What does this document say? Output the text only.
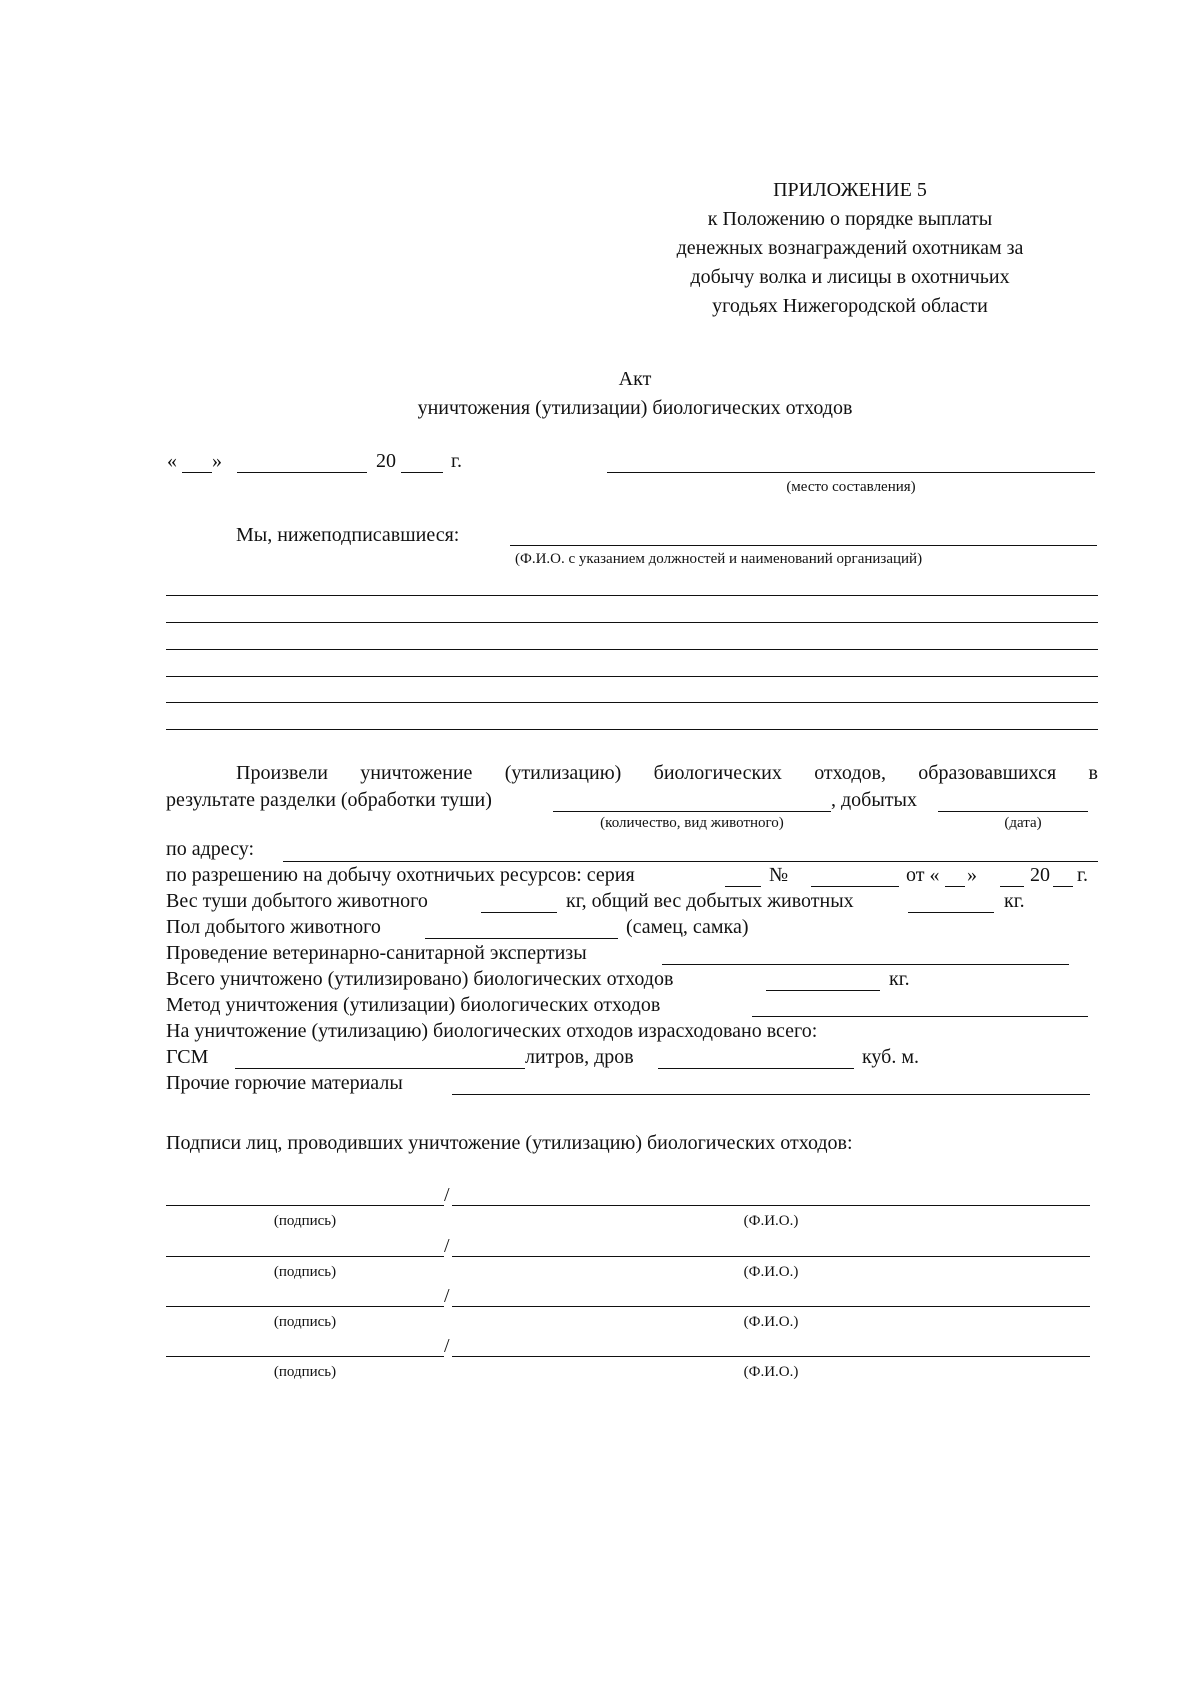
ПРИЛОЖЕНИЕ 5
к Положению о порядке выплаты
денежных вознаграждений охотникам за
добычу волка и лисицы в охотничьих
угодьях Нижегородской области
Акт
уничтожения (утилизации) биологических отходов
« »	20	г.
(место составления)
Мы, нижеподписавшиеся:
(Ф.И.О. с указанием должностей и наименований организаций)
Произвели уничтожение (утилизацию) биологических отходов, образовавшихся в
результате разделки (обработки туши)	, добытых
(количество, вид животного)	(дата)
по адресу:
по разрешению на добычу охотничьих ресурсов: серия	№	от « »	20 г.
Вес туши добытого животного	кг, общий вес добытых животных	кг.
Пол добытого животного	(самец, самка)
Проведение ветеринарно-санитарной экспертизы
Всего уничтожено (утилизировано) биологических отходов	кг.
Метод уничтожения (утилизации) биологических отходов
На уничтожение (утилизацию) биологических отходов израсходовано всего:
ГСМ	литров, дров	куб. м.
Прочие горючие материалы
Подписи лиц, проводивших уничтожение (утилизацию) биологических отходов:
/
(подпись)	(Ф.И.О.)
/
(подпись)	(Ф.И.О.)
/
(подпись)	(Ф.И.О.)
/
(подпись)	(Ф.И.О.)
